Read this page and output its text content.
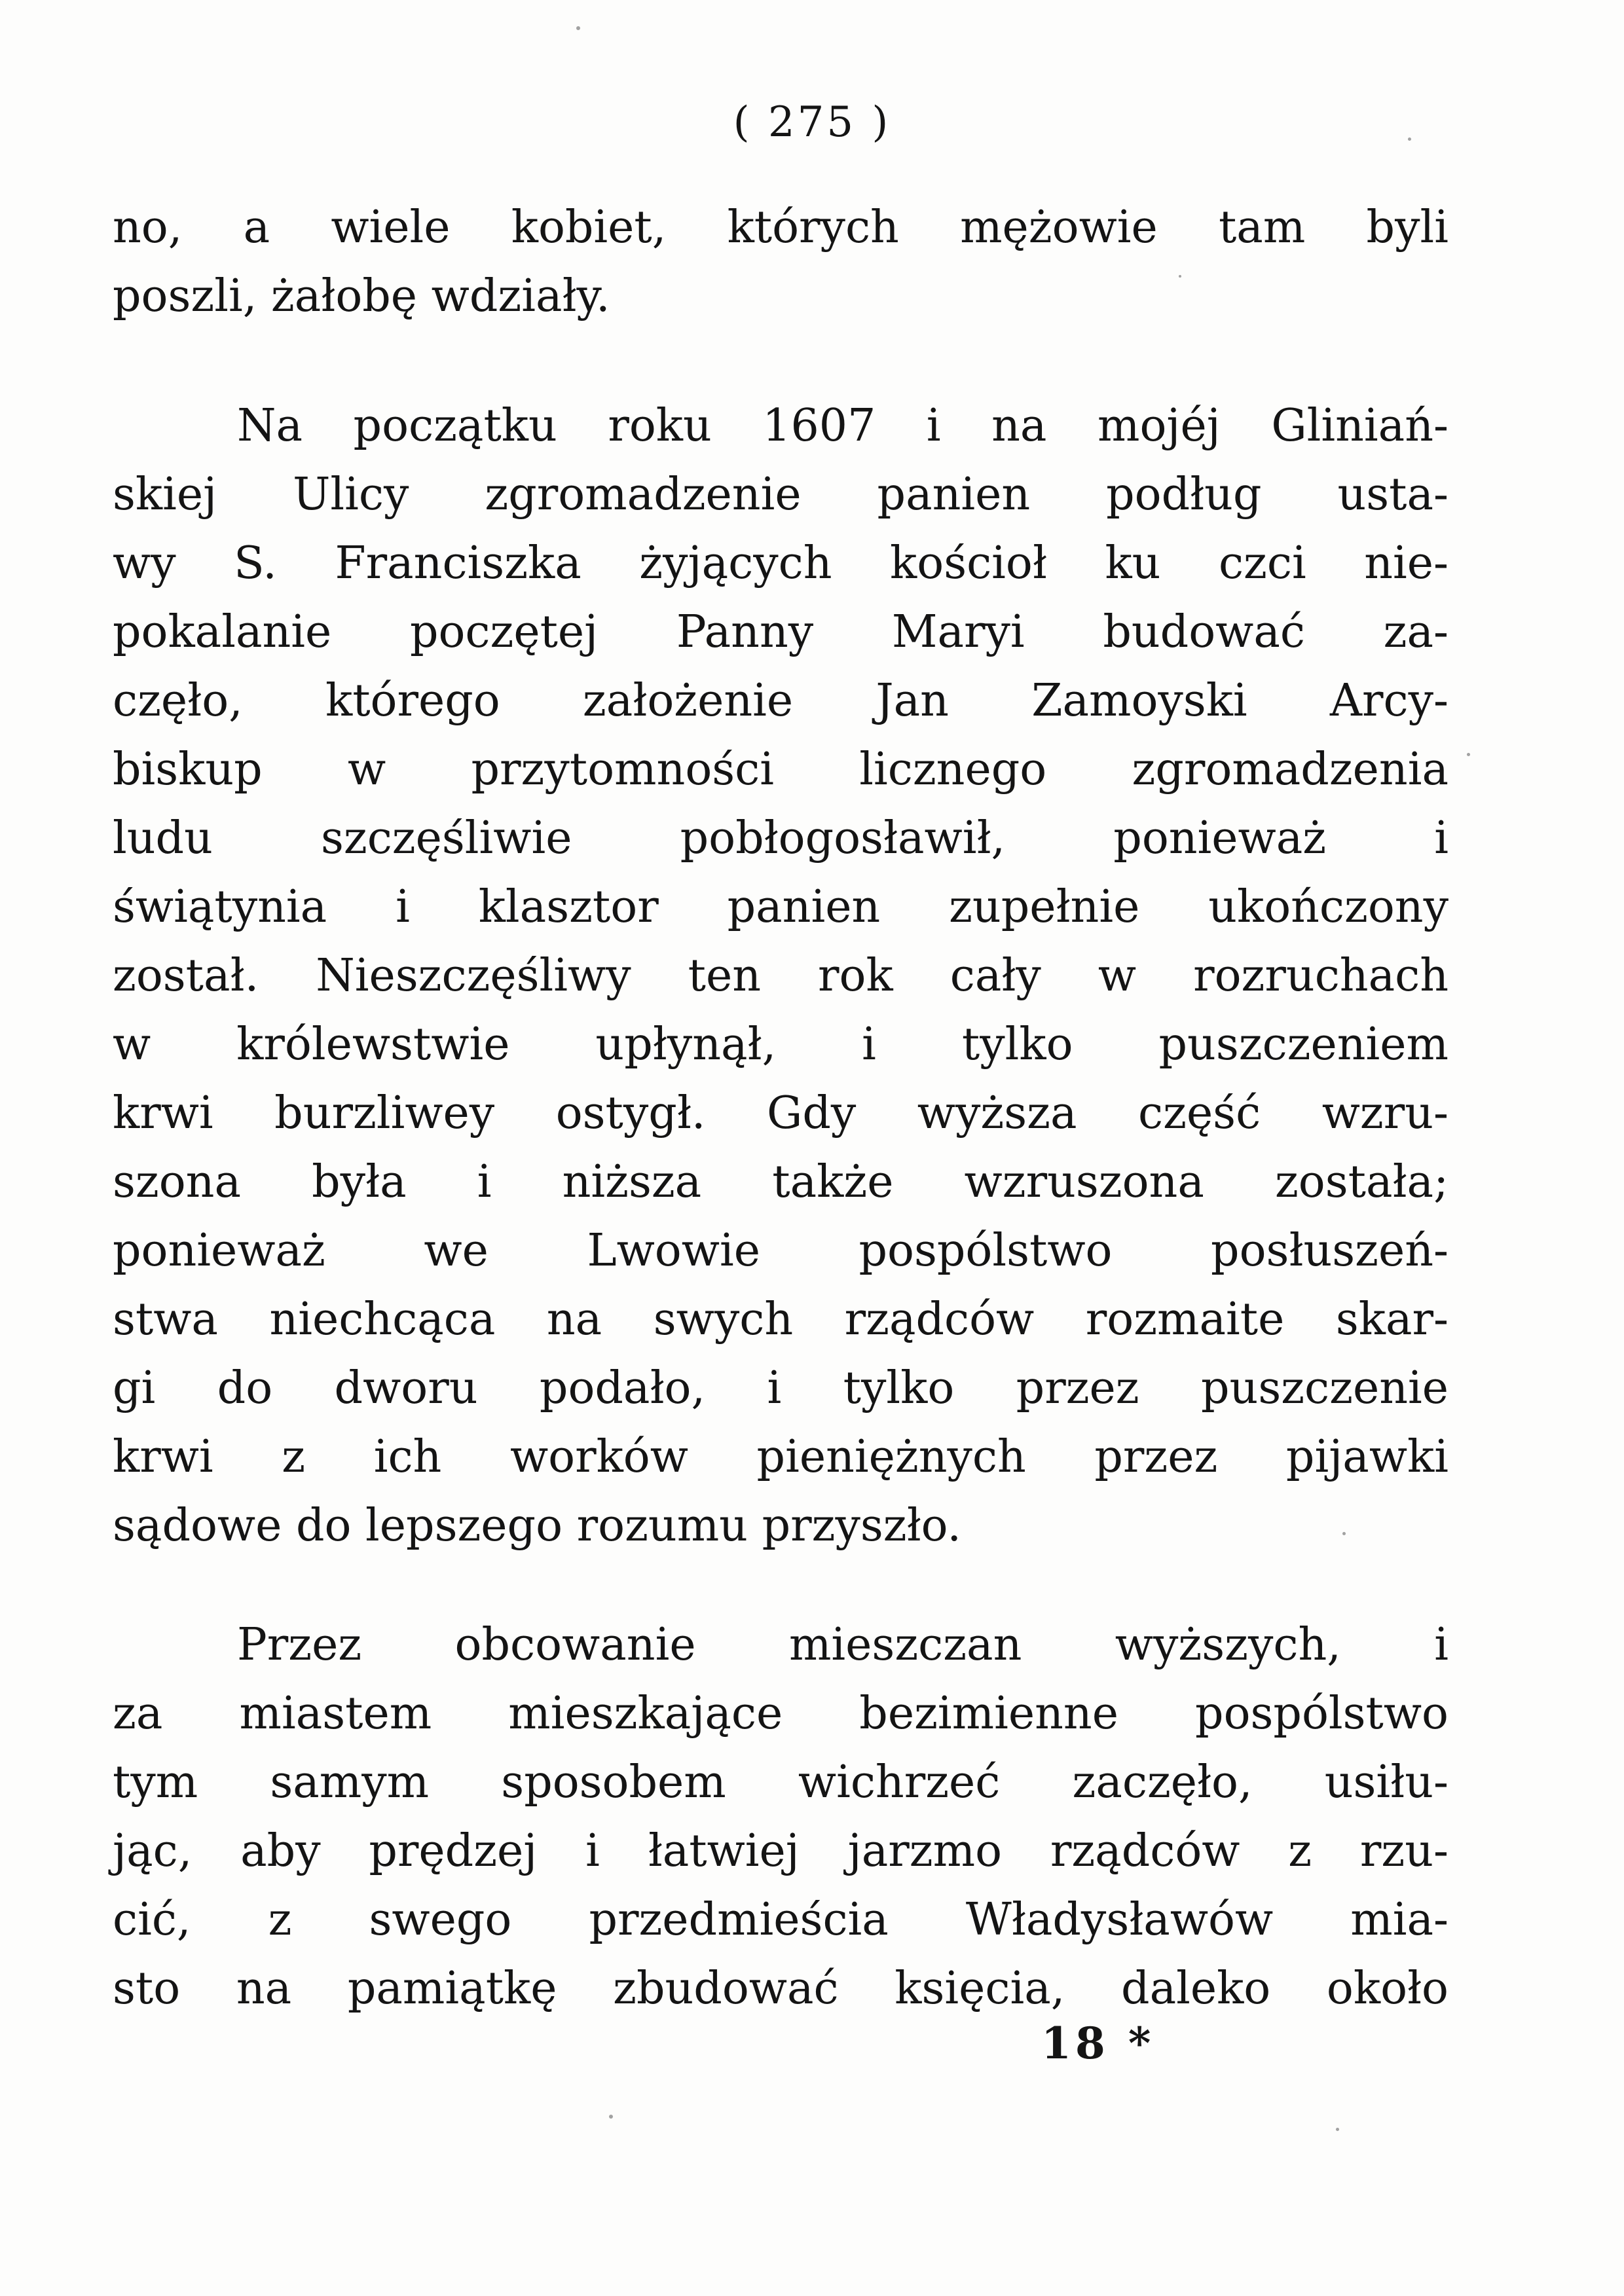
( 275 )
no, a wiele kobiet, których mężowie tam byli
poszli, żałobę wdziały.
Na początku roku 1607 i na mojéj Gliniań-
skiej Ulicy zgromadzenie panien podług usta-
wy S. Franciszka żyjących kościoł ku czci nie-
pokalanie poczętej Panny Maryi budować za-
częło, którego założenie Jan Zamoyski Arcy-
biskup w przytomności licznego zgromadzenia
ludu szczęśliwie pobłogosławił, ponieważ i
świątynia i klasztor panien zupełnie ukończony
został. Nieszczęśliwy ten rok cały w rozruchach
w królewstwie upłynął, i tylko puszczeniem
krwi burzliwey ostygł. Gdy wyższa część wzru-
szona była i niższa także wzruszona została;
ponieważ we Lwowie pospólstwo posłuszeń-
stwa niechcąca na swych rządców rozmaite skar-
gi do dworu podało, i tylko przez puszczenie
krwi z ich worków pieniężnych przez pijawki
sądowe do lepszego rozumu przyszło.
Przez obcowanie mieszczan wyższych, i
za miastem mieszkające bezimienne pospólstwo
tym samym sposobem wichrzeć zaczęło, usiłu-
jąc, aby prędzej i łatwiej jarzmo rządców z rzu-
cić, z swego przedmieścia Władysławów mia-
sto na pamiątkę zbudować księcia, daleko około
18 *
